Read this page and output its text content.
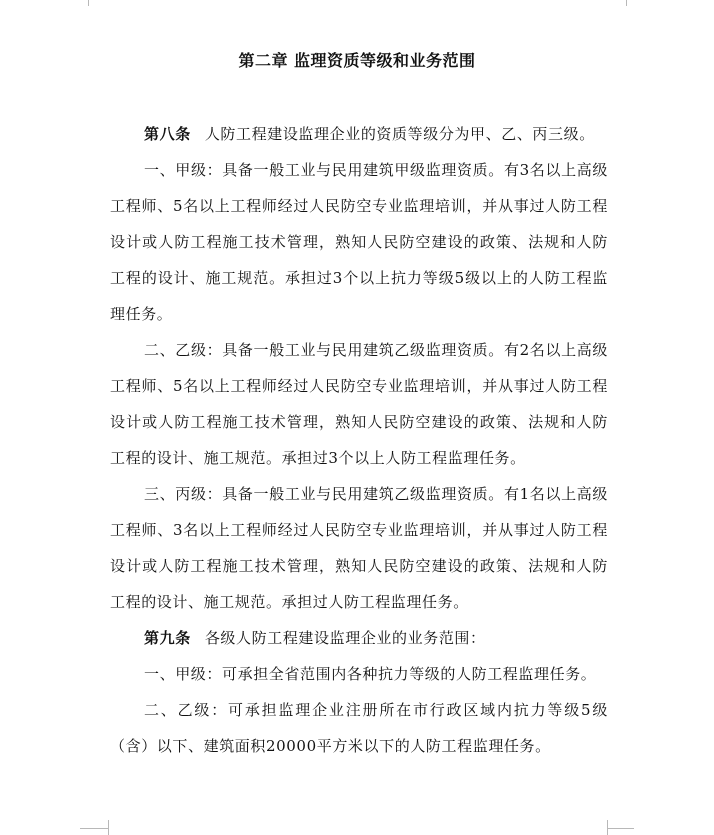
第二章 监理资质等级和业务范围

第八条 人防工程建设监理企业的资质等级分为甲、乙、丙三级。

一、甲级：具备一般工业与民用建筑甲级监理资质。有3名以上高级工程师、5名以上工程师经过人民防空专业监理培训，并从事过人防工程设计或人防工程施工技术管理，熟知人民防空建设的政策、法规和人防工程的设计、施工规范。承担过3个以上抗力等级5级以上的人防工程监理任务。

二、乙级：具备一般工业与民用建筑乙级监理资质。有2名以上高级工程师、5名以上工程师经过人民防空专业监理培训，并从事过人防工程设计或人防工程施工技术管理，熟知人民防空建设的政策、法规和人防工程的设计、施工规范。承担过3个以上人防工程监理任务。

三、丙级：具备一般工业与民用建筑乙级监理资质。有1名以上高级工程师、3名以上工程师经过人民防空专业监理培训，并从事过人防工程设计或人防工程施工技术管理，熟知人民防空建设的政策、法规和人防工程的设计、施工规范。承担过人防工程监理任务。

第九条 各级人防工程建设监理企业的业务范围：

一、甲级：可承担全省范围内各种抗力等级的人防工程监理任务。

二、乙级：可承担监理企业注册所在市行政区域内抗力等级5级（含）以下、建筑面积20000平方米以下的人防工程监理任务。
